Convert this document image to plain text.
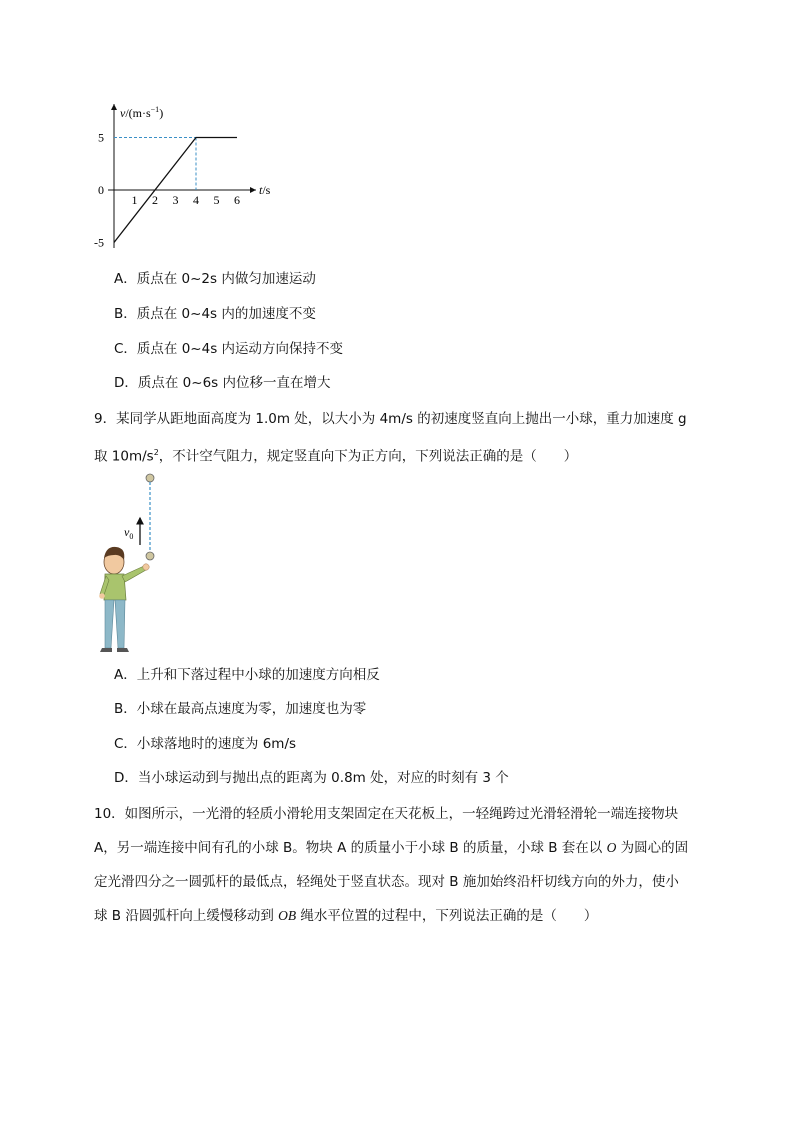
1 2 3 4 5 6
5
0
-5
$v/(m\cdot s^{-1})$
t/s
A．质点在 0~2s 内做匀加速运动
B．质点在 0~4s 内的加速度不变
C．质点在 0~4s 内运动方向保持不变
D．质点在 0~6s 内位移一直在增大
9．某同学从距地面高度为 1.0m 处，以大小为 4m/s 的初速度竖直向上抛出一小球，重力加速度 g
取 $10m/s^2$，不计空气阻力，规定竖直向下为正方向，下列说法正确的是（　　）
$v_0$
A．上升和下落过程中小球的加速度方向相反
B．小球在最高点速度为零，加速度也为零
C．小球落地时的速度为 6m/s
D．当小球运动到与抛出点的距离为 0.8m 处，对应的时刻有 3 个
10．如图所示，一光滑的轻质小滑轮用支架固定在天花板上，一轻绳跨过光滑轻滑轮一端连接物块
A，另一端连接中间有孔的小球 B。物块 A 的质量小于小球 B 的质量，小球 B 套在以 O 为圆心的固
定光滑四分之一圆弧杆的最低点，轻绳处于竖直状态。现对 B 施加始终沿杆切线方向的外力，使小
球 B 沿圆弧杆向上缓慢移动到 OB 绳水平位置的过程中，下列说法正确的是（　　）
